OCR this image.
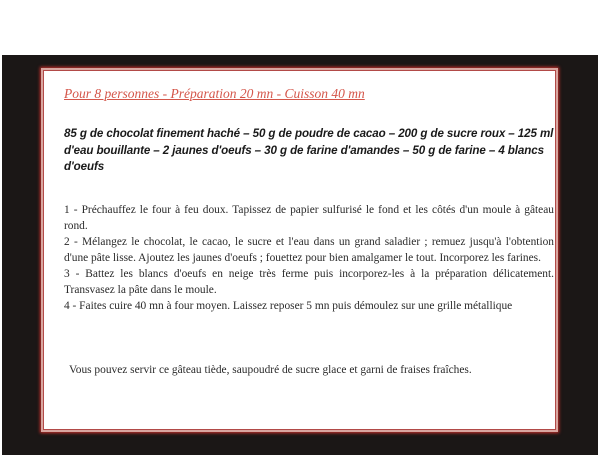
Pour 8 personnes - Préparation 20 mn - Cuisson 40 mn

85 g de chocolat finement haché – 50 g de poudre de cacao – 200 g de sucre roux – 125 ml d'eau bouillante – 2 jaunes d'oeufs – 30 g de farine d'amandes – 50 g de farine – 4 blancs d'oeufs

1 - Préchauffez le four à feu doux. Tapissez de papier sulfurisé le fond et les côtés d'un moule à gâteau rond.

2 - Mélangez le chocolat, le cacao, le sucre et l'eau dans un grand saladier ; remuez jusqu'à l'obtention d'une pâte lisse. Ajoutez les jaunes d'oeufs ; fouettez pour bien amalgamer le tout. Incorporez les farines.

3 - Battez les blancs d'oeufs en neige très ferme puis incorporez-les à la préparation délicatement. Transvasez la pâte dans le moule.

4 - Faites cuire 40 mn à four moyen. Laissez reposer 5 mn puis démoulez sur une grille métallique

Vous pouvez servir ce gâteau tiède, saupoudré de sucre glace et garni de fraises fraîches.
